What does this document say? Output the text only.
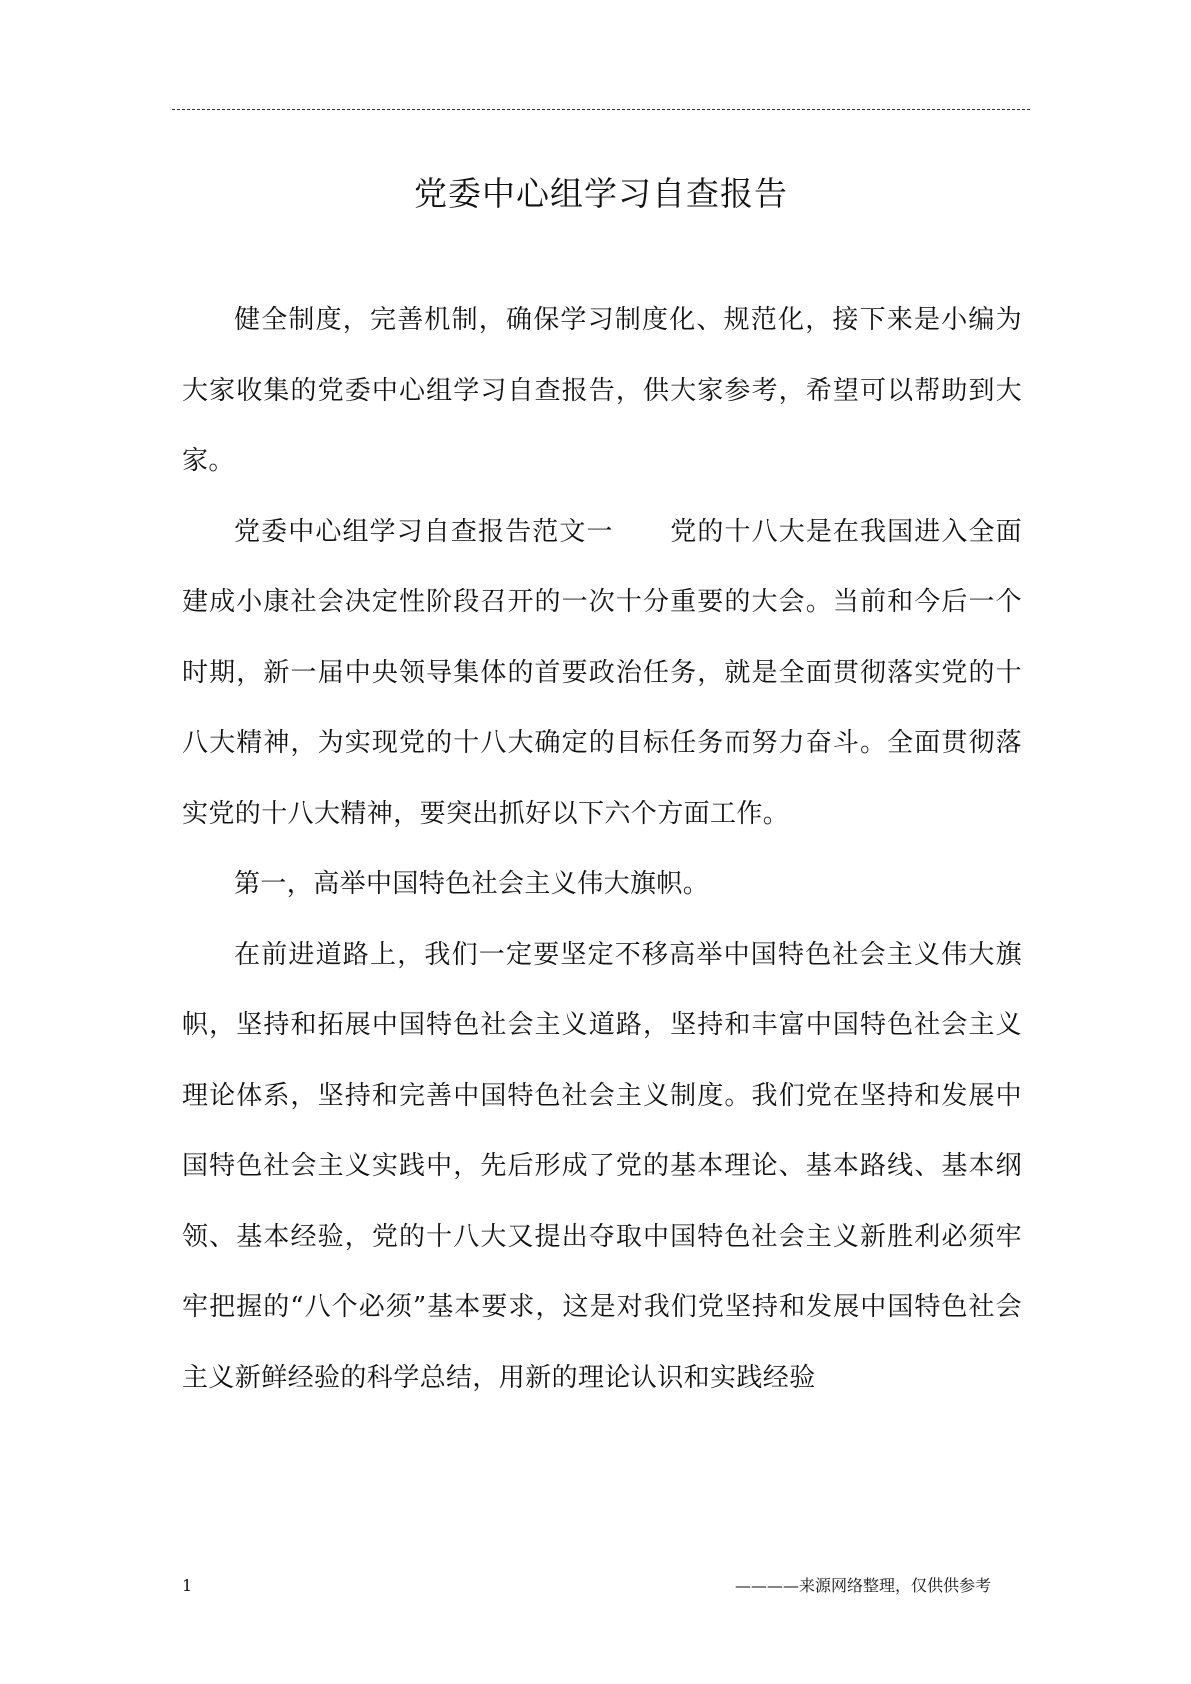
党委中心组学习自查报告

健全制度，完善机制，确保学习制度化、规范化，接下来是小编为大家收集的党委中心组学习自查报告，供大家参考，希望可以帮助到大家。

党委中心组学习自查报告范文一 党的十八大是在我国进入全面建成小康社会决定性阶段召开的一次十分重要的大会。当前和今后一个时期，新一届中央领导集体的首要政治任务，就是全面贯彻落实党的十八大精神，为实现党的十八大确定的目标任务而努力奋斗。全面贯彻落实党的十八大精神，要突出抓好以下六个方面工作。

第一，高举中国特色社会主义伟大旗帜。

在前进道路上，我们一定要坚定不移高举中国特色社会主义伟大旗帜，坚持和拓展中国特色社会主义道路，坚持和丰富中国特色社会主义理论体系，坚持和完善中国特色社会主义制度。我们党在坚持和发展中国特色社会主义实践中，先后形成了党的基本理论、基本路线、基本纲领、基本经验，党的十八大又提出夺取中国特色社会主义新胜利必须牢牢把握的“八个必须”基本要求，这是对我们党坚持和发展中国特色社会主义新鲜经验的科学总结，用新的理论认识和实践经验

1	————来源网络整理，仅供供参考
